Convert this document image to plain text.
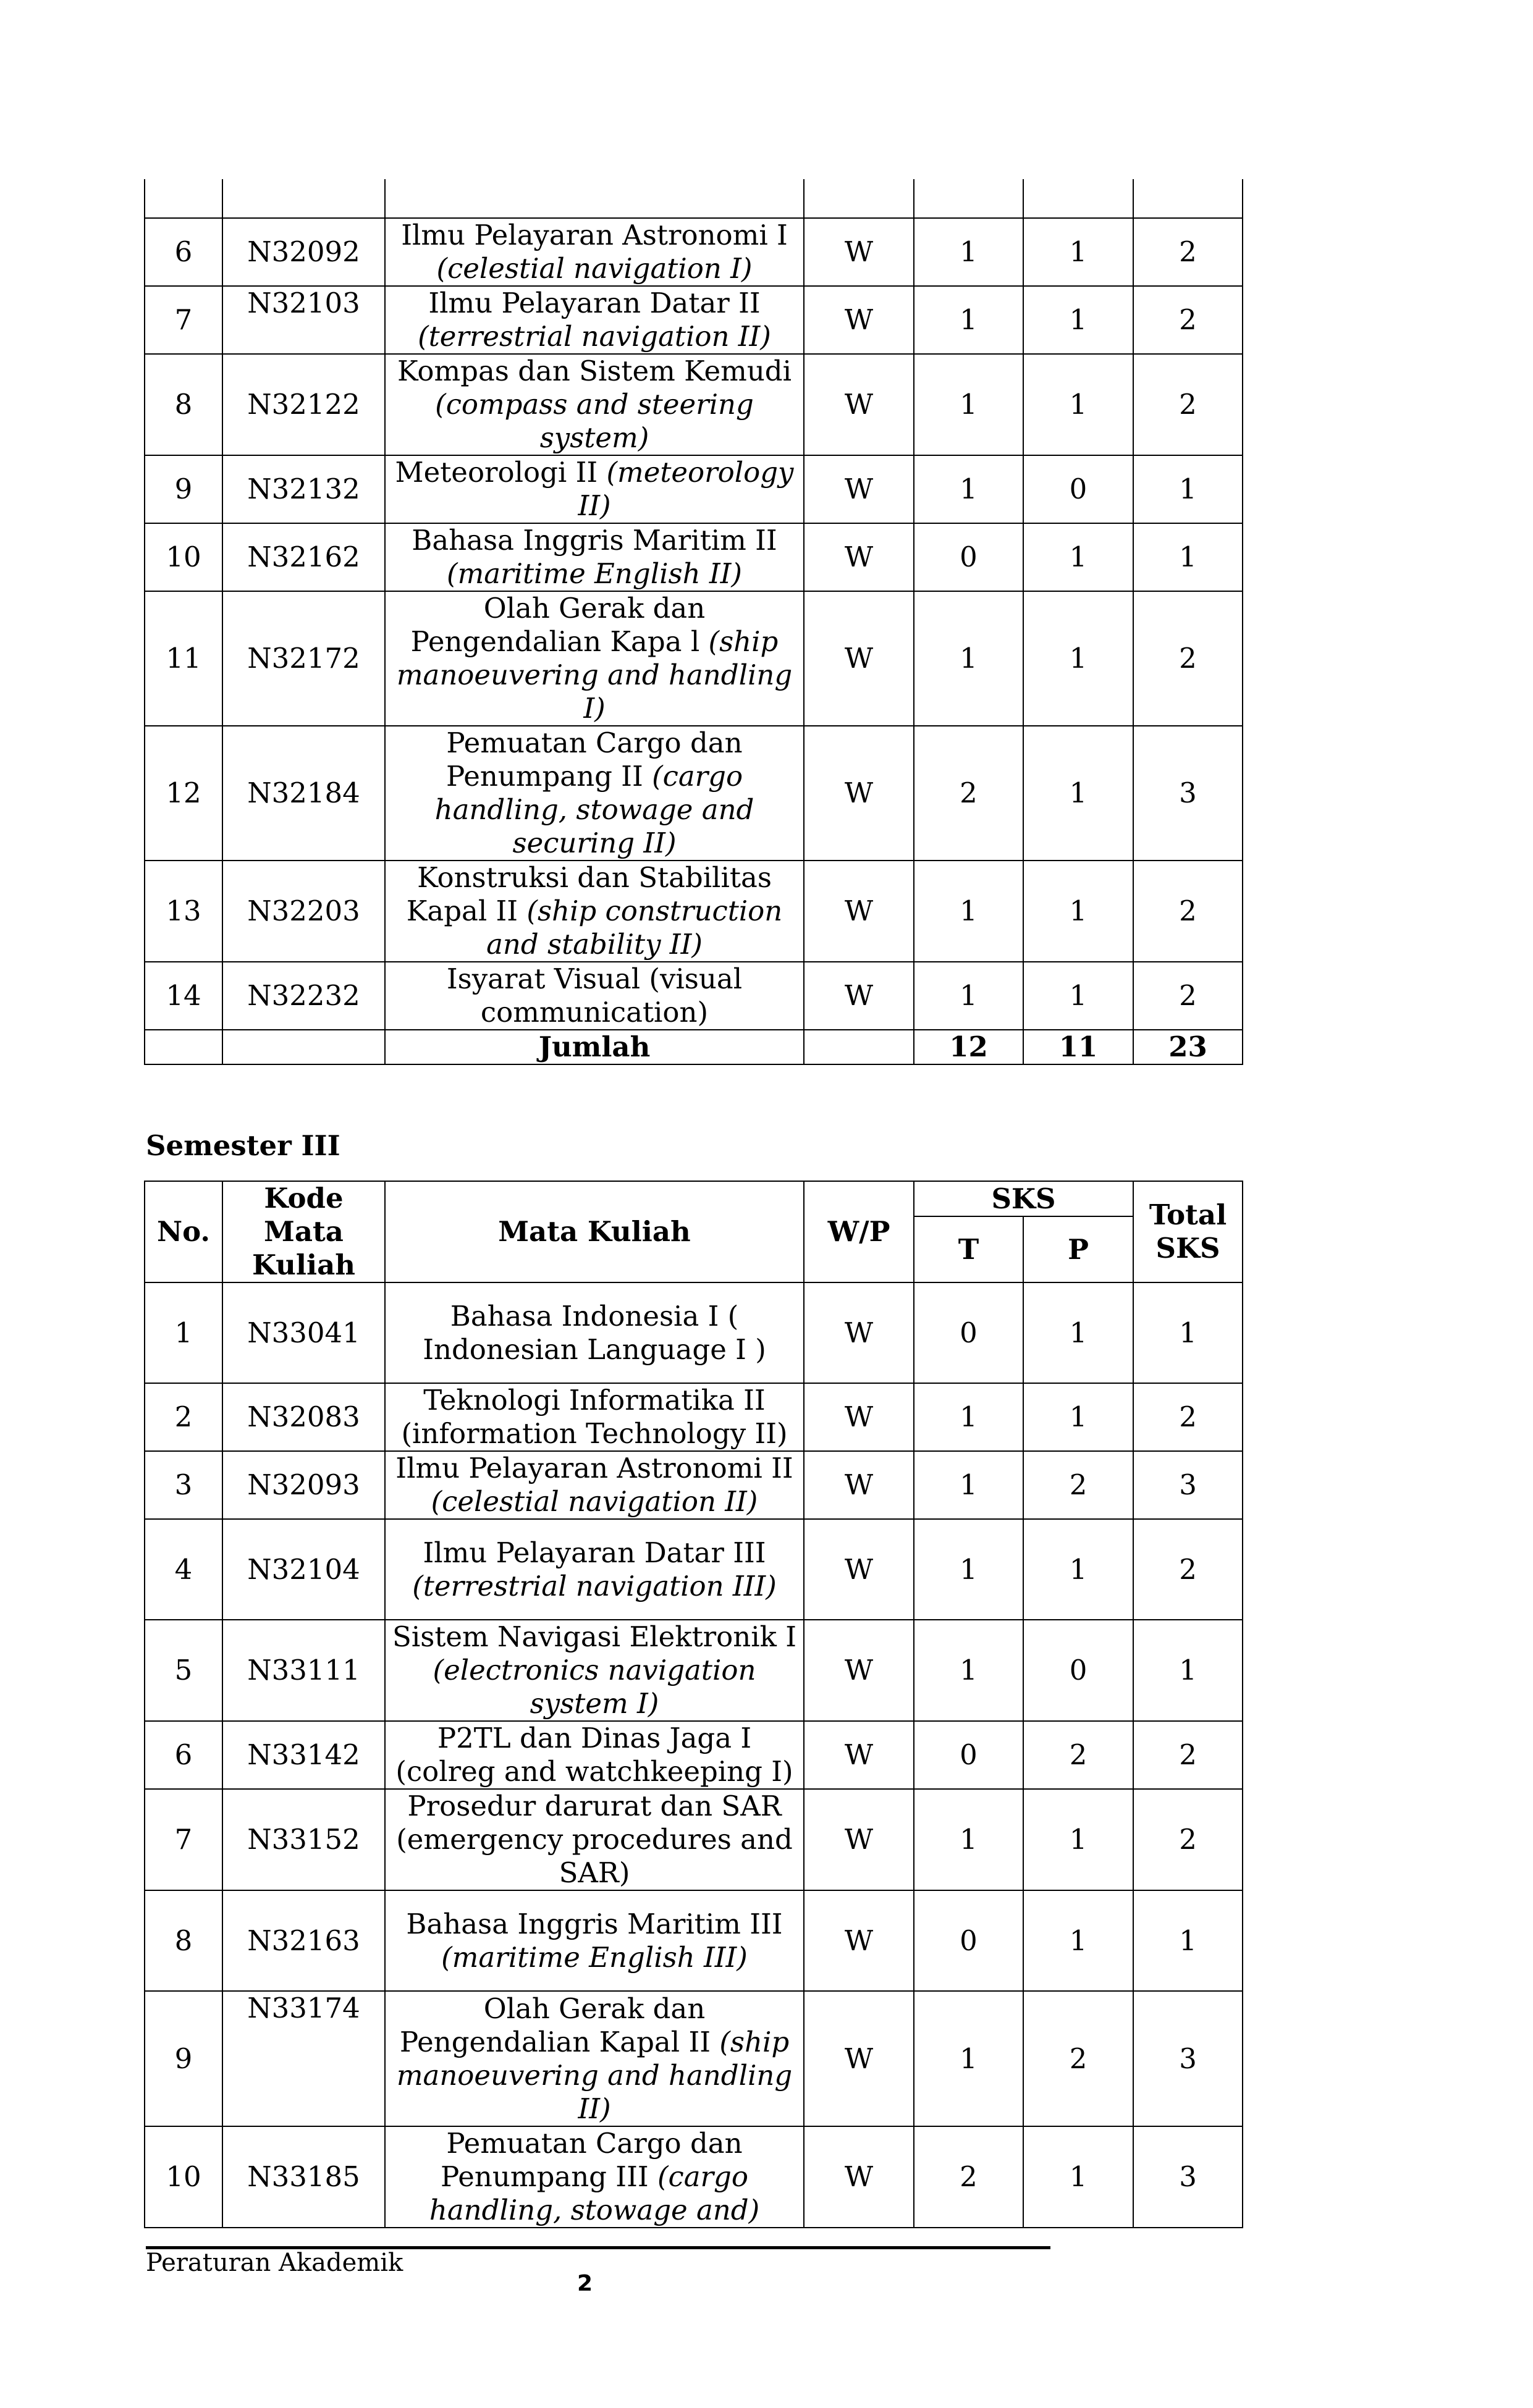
6	N32092	Ilmu Pelayaran Astronomi I (celestial navigation I)	W	1	1	2
7	N32103	Ilmu Pelayaran Datar II (terrestrial navigation II)	W	1	1	2
8	N32122	Kompas dan Sistem Kemudi (compass and steering system)	W	1	1	2
9	N32132	Meteorologi II (meteorology II)	W	1	0	1
10	N32162	Bahasa Inggris Maritim II (maritime English II)	W	0	1	1
11	N32172	Olah Gerak dan Pengendalian Kapa l (ship manoeuvering and handling I)	W	1	1	2
12	N32184	Pemuatan Cargo dan Penumpang II (cargo handling, stowage and securing II)	W	2	1	3
13	N32203	Konstruksi dan Stabilitas Kapal II (ship construction and stability II)	W	1	1	2
14	N32232	Isyarat Visual (visual communication)	W	1	1	2
		Jumlah		12	11	23
Semester III
No.	Kode Mata Kuliah	Mata Kuliah	W/P	SKS		Total SKS
				T	P	
1	N33041	Bahasa Indonesia I ( Indonesian Language I )	W	0	1	1
2	N32083	Teknologi Informatika II (information Technology II)	W	1	1	2
3	N32093	Ilmu Pelayaran Astronomi II (celestial navigation II)	W	1	2	3
4	N32104	Ilmu Pelayaran Datar III (terrestrial navigation III)	W	1	1	2
5	N33111	Sistem Navigasi Elektronik I (electronics navigation system I)	W	1	0	1
6	N33142	P2TL dan Dinas Jaga I (colreg and watchkeeping I)	W	0	2	2
7	N33152	Prosedur darurat dan SAR (emergency procedures and SAR)	W	1	1	2
8	N32163	Bahasa Inggris Maritim III (maritime English III)	W	0	1	1
9	N33174	Olah Gerak dan Pengendalian Kapal II (ship manoeuvering and handling II)	W	1	2	3
10	N33185	Pemuatan Cargo dan Penumpang III (cargo handling, stowage and)	W	2	1	3
Peraturan Akademik
2
